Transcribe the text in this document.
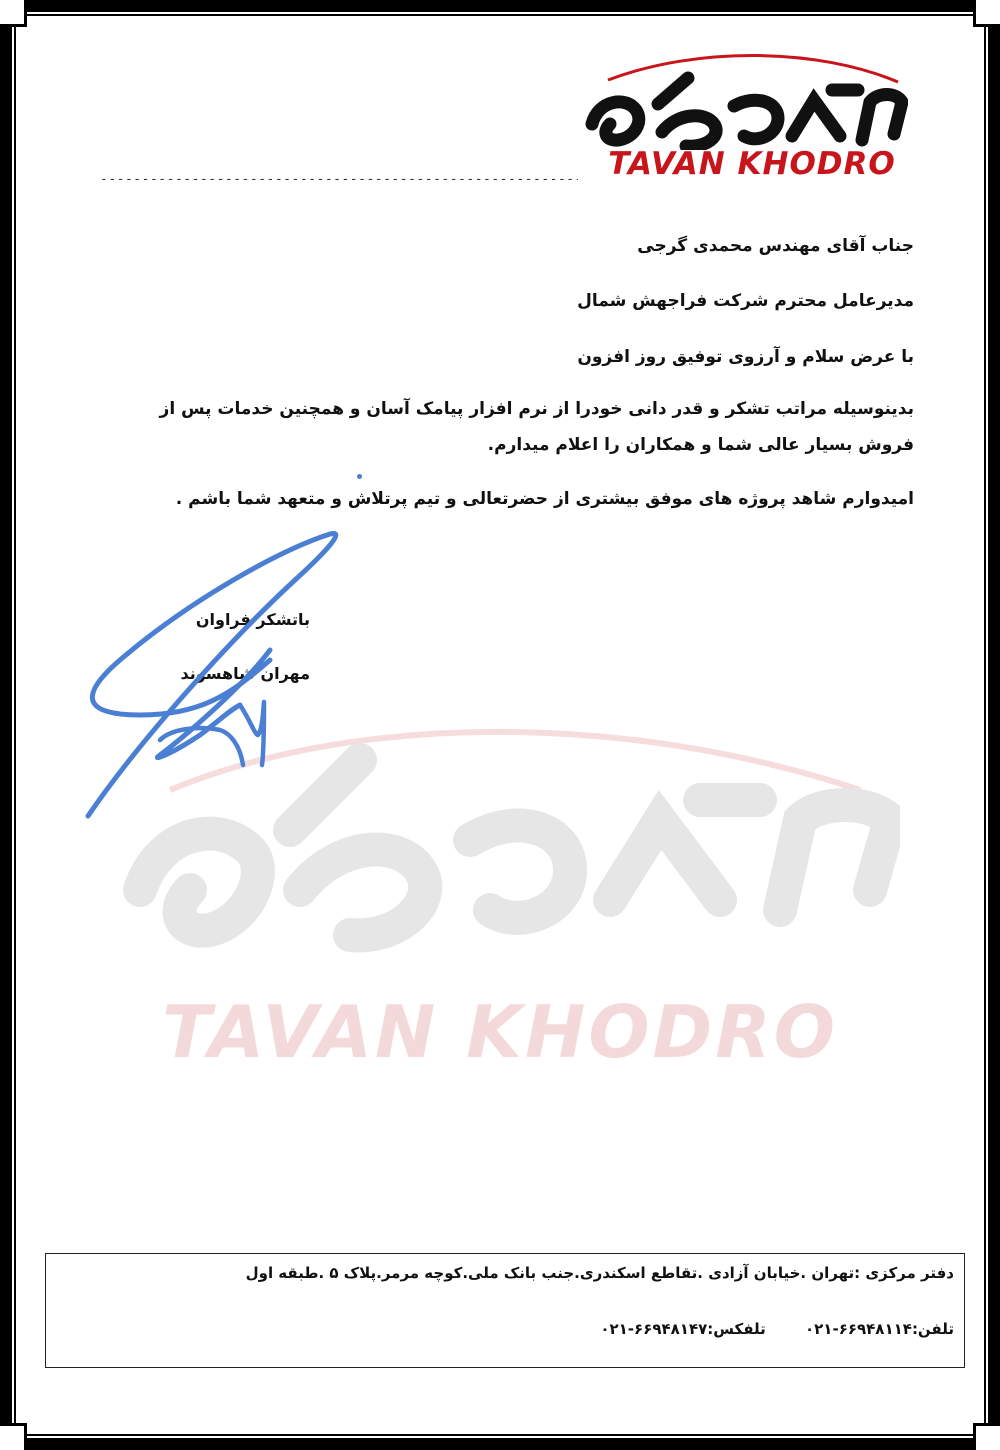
TAVAN KHODRO
TAVAN KHODRO
-----

جناب آقای مهندس محمدی گرجی

مدیرعامل محترم شرکت فراجهش شمال

با عرض سلام و آرزوی توفیق روز افزون

بدینوسیله مراتب تشکر و قدر دانی خودرا از نرم افزار پیامک آسان و همچنین خدمات پس از فروش بسیار عالی شما و همکاران را اعلام میدارم.

امیدوارم شاهد پروژه های موفق بیشتری از حضرتعالی و تیم پرتلاش و متعهد شما باشم .

باتشکر فراوان

مهران شاهسوند

دفتر مرکزی :تهران .خیابان آزادی .تقاطع اسکندری.جنب بانک ملی.کوچه مرمر.پلاک ۵ .طبقه اول
تلفن:۶۶۹۴۸۱۱۴-۰۲۱ تلفکس:۶۶۹۴۸۱۴۷-۰۲۱
